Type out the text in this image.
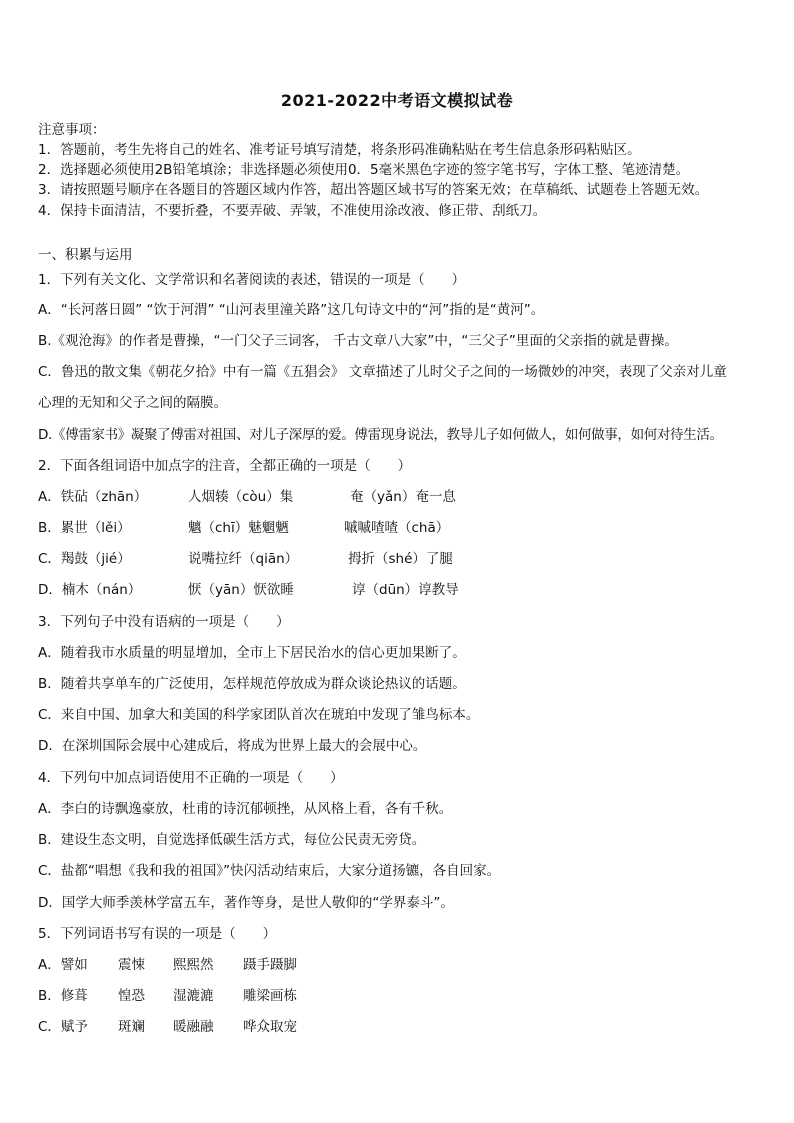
2021-2022中考语文模拟试卷
注意事项：
1．答题前，考生先将自己的姓名、准考证号填写清楚，将条形码准确粘贴在考生信息条形码粘贴区。
2．选择题必须使用2B铅笔填涂；非选择题必须使用0．5毫米黑色字迹的签字笔书写，字体工整、笔迹清楚。
3．请按照题号顺序在各题目的答题区域内作答，超出答题区域书写的答案无效；在草稿纸、试题卷上答题无效。
4．保持卡面清洁，不要折叠，不要弄破、弄皱，不准使用涂改液、修正带、刮纸刀。
一、积累与运用
1．下列有关文化、文学常识和名著阅读的表述，错误的一项是（　　）
A．“长河落日圆” “饮于河渭” “山河表里潼关路”这几句诗文中的“河”指的是“黄河”。
B.《观沧海》的作者是曹操，“一门父子三词客， 千古文章八大家”中，“三父子”里面的父亲指的就是曹操。
C．鲁迅的散文集《朝花夕拾》中有一篇《五猖会》 文章描述了儿时父子之间的一场微妙的冲突，表现了父亲对儿童
心理的无知和父子之间的隔膜。
D.《傅雷家书》凝聚了傅雷对祖国、对儿子深厚的爱。傅雷现身说法，教导儿子如何做人，如何做事，如何对待生活。
2．下面各组词语中加点字的注音，全都正确的一项是（　　）
A．铁砧（zhān）	人烟辏（còu）集	奄（yǎn）奄一息
B．累世（lěi）	魑（chī）魅魍魉	嘁嘁喳喳（chā）
C．羯鼓（jié）	说嘴拉纤（qiān）	拇折（shé）了腿
D．楠木（nán）	恹（yān）恹欲睡	谆（dūn）谆教导
3．下列句子中没有语病的一项是（　　）
A．随着我市水质量的明显增加，全市上下居民治水的信心更加果断了。
B．随着共享单车的广泛使用，怎样规范停放成为群众谈论热议的话题。
C．来自中国、加拿大和美国的科学家团队首次在琥珀中发现了雏鸟标本。
D．在深圳国际会展中心建成后，将成为世界上最大的会展中心。
4．下列句中加点词语使用不正确的一项是（　　）
A．李白的诗飘逸豪放，杜甫的诗沉郁顿挫，从风格上看，各有千秋。
B．建设生态文明，自觉选择低碳生活方式，每位公民责无旁贷。
C．盐都“唱想《我和我的祖国》”快闪活动结束后，大家分道扬镳，各自回家。
D．国学大师季羡林学富五车，著作等身，是世人敬仰的“学界泰斗”。
5．下列词语书写有误的一项是（　　）
A．譬如 震悚 熙熙然 蹑手蹑脚
B．修葺 惶恐 湿漉漉 雕梁画栋
C．赋予 斑斓 暖融融 哗众取宠
